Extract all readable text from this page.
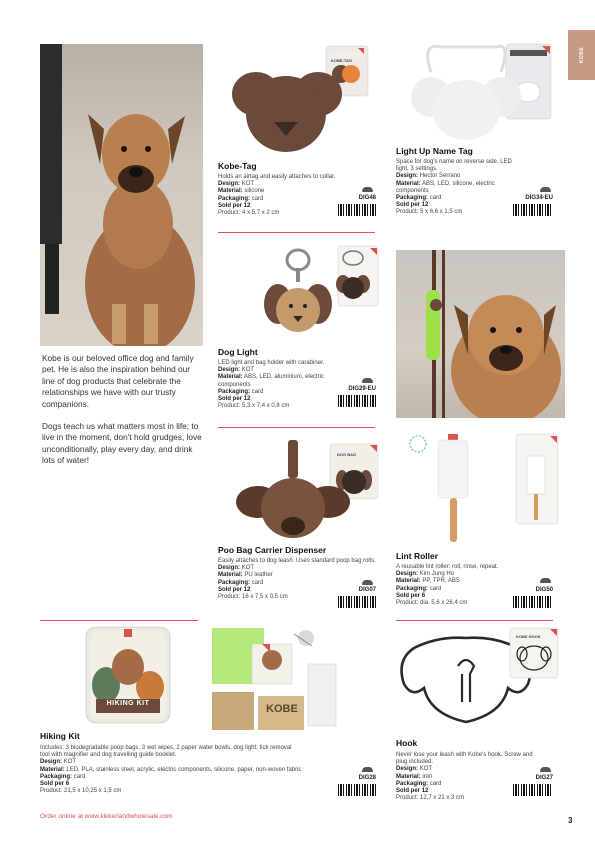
KOBE

Kobe is our beloved office dog and family pet. He is also the inspiration behind our line of dog products that celebrate the relationships we have with our trusty companions.

Dogs teach us what matters most in life; to live in the moment, don't hold grudges, love unconditionally, play every day, and drink lots of water!

KOBE-TAG
Kobe-Tag
Holds an airtag and easily attaches to collar.
Design: KOT
Material: silicone
Packaging: card
Sold per 12
Product: 4 x 5,7 x 2 cm
DIG48
Light Up Name Tag
Space for dog's name on reverse side. LED light, 3 settings.
Design: Hector Serrano
Material: ABS, LED, silicone, electric components
Packaging: card
Sold per 12
Product: 5 x 6,6 x 1,5 cm
DIG34-EU
Dog Light
LED light and bag holder with carabiner.
Design: KOT
Material: ABS, LED, aluminium, electric components
Packaging: card
Sold per 12
Product: 5,3 x 7,4 x 0,8 cm
DIG29-EU
DOG BAG
Poo Bag Carrier Dispenser
Easily attaches to dog leash. Uses standard poop bag rolls.
Design: KOT
Material: PU leather
Packaging: card
Sold per 12
Product: 16 x 7,5 x 0,5 cm
DIG07
Lint Roller
A reusable lint roller: roll, rinse, repeat.
Design: Kim Jung Ho
Material: PP, TPR, ABS
Packaging: card
Sold per 6
Product: dia. 5,6 x 26,4 cm
DIG50
HIKING KIT	KOBE
Hiking Kit
Includes: 3 biodegradable poop bags, 3 wet wipes, 2 paper water bowls, dog light, tick removal tool with magnifier and dog travelling guide booklet.
Design: KOT
Material: LED, PLA, stainless steel, acrylic, electric components, silicone, paper, non-woven fabric
Packaging: card
Sold per 6
Product: 21,5 x 10,25 x 1,5 cm
DIG28
KOBE HOOK
Hook
Never lose your leash with Kobe's hook. Screw and plug included.
Design: KOT
Material: iron
Packaging: card
Sold per 12
Product: 12,7 x 21 x 3 cm
DIG27
Order online at www.kikkerlandwholesale.com	3
